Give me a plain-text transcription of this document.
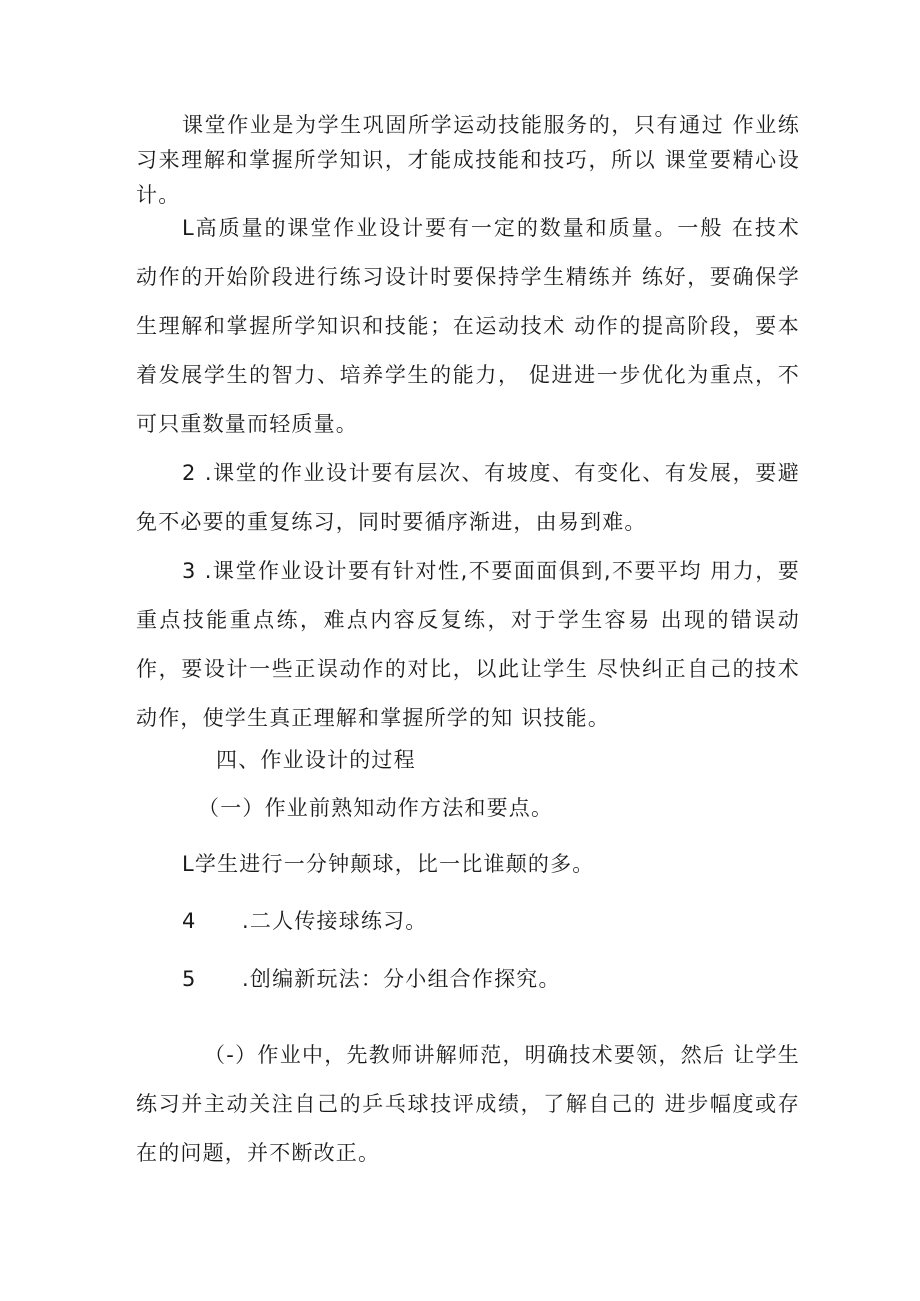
课堂作业是为学生巩固所学运动技能服务的，只有通过 作业练习来理解和掌握所学知识，才能成技能和技巧，所以 课堂要精心设计。

L高质量的课堂作业设计要有一定的数量和质量。一般 在技术动作的开始阶段进行练习设计时要保持学生精练并 练好，要确保学生理解和掌握所学知识和技能；在运动技术 动作的提高阶段，要本着发展学生的智力、培养学生的能力， 促进进一步优化为重点，不可只重数量而轻质量。

2 .课堂的作业设计要有层次、有坡度、有变化、有发展，要避免不必要的重复练习，同时要循序渐进，由易到难。

3 .课堂作业设计要有针对性,不要面面俱到,不要平均 用力，要重点技能重点练，难点内容反复练，对于学生容易 出现的错误动作，要设计一些正误动作的对比，以此让学生 尽快纠正自己的技术动作，使学生真正理解和掌握所学的知 识技能。

四、作业设计的过程

（一）作业前熟知动作方法和要点。

L学生进行一分钟颠球，比一比谁颠的多。

4 .二人传接球练习。

5 .创编新玩法：分小组合作探究。

（-）作业中，先教师讲解师范，明确技术要领，然后 让学生练习并主动关注自己的乒乓球技评成绩，了解自己的 进步幅度或存在的问题，并不断改正。
